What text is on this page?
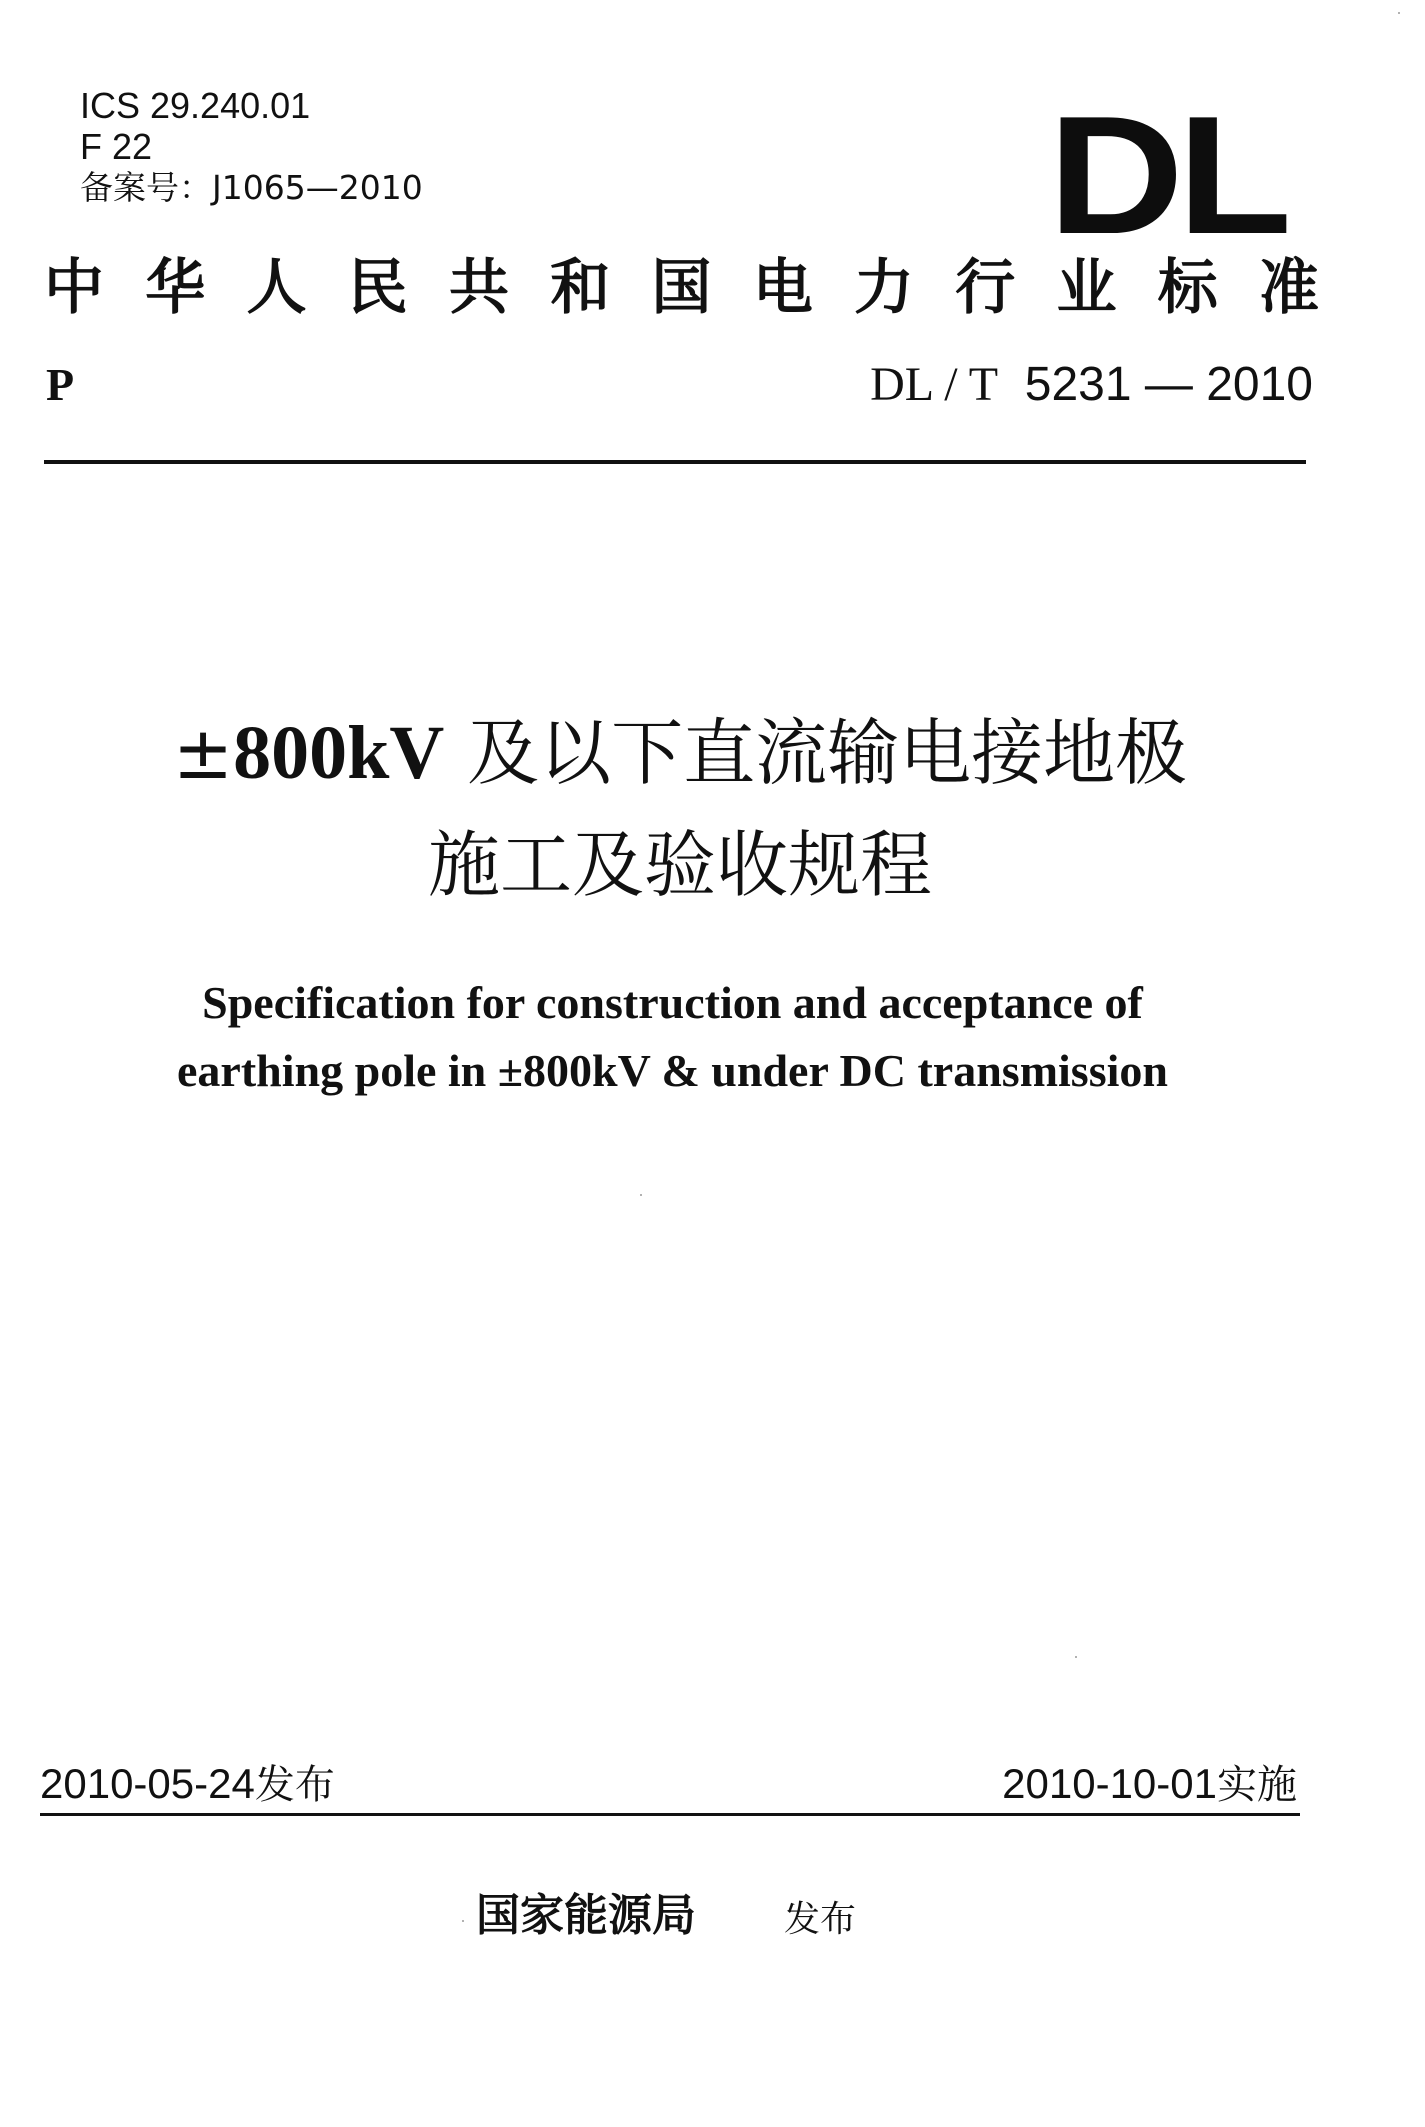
ICS 29.240.01
F 22
备案号：J1065—2010	DL
中 华 人 民 共 和 国 电 力 行 业 标 准
P	DL / T 5231 — 2010
±800kV 及以下直流输电接地极
施工及验收规程
Specification for construction and acceptance of
earthing pole in ±800kV & under DC transmission
2010-05-24发布	2010-10-01实施
国家能源局 发布
